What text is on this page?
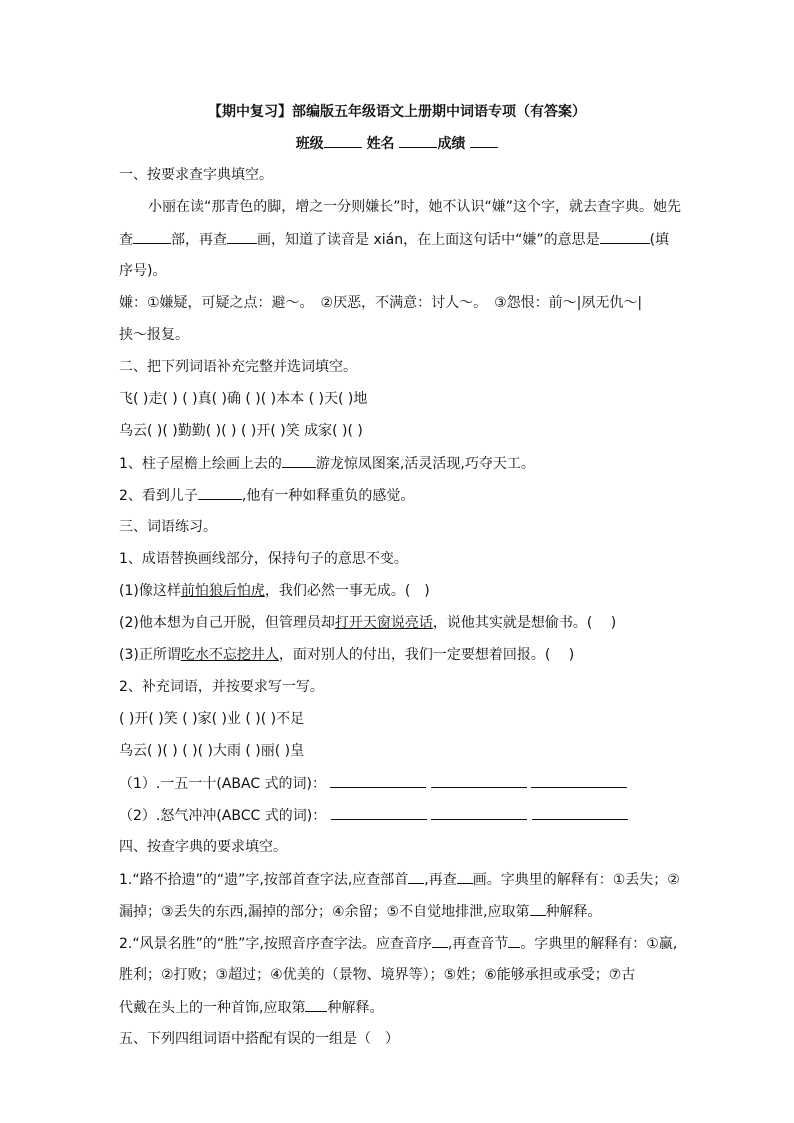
【期中复习】部编版五年级语文上册期中词语专项（有答案）
班级	姓名	成绩
一、按要求查字典填空。
小丽在读“那青色的脚，增之一分则嫌长”时，她不认识“嫌”这个字，就去查字典。她先
查	部，再查 画，知道了读音是 xián，在上面这句话中“嫌”的意思是	(填
序号)。
嫌：①嫌疑，可疑之点：避～。　②厌恶，不满意：讨人～。　③怨恨：前～|夙无仇～|
挟～报复。
二、把下列词语补充完整并选词填空。
飞( )走( ) ( )真( )确 ( )( )本本 ( )天( )地
乌云( )( )勤勤( )( ) ( )开( )笑 成家( )( )
1、柱子屋檐上绘画上去的 游龙惊凤图案,活灵活现,巧夺天工。
2、看到儿子	,他有一种如释重负的感觉。
三、词语练习。
1、成语替换画线部分，保持句子的意思不变。
(1)像这样前怕狼后怕虎，我们必然一事无成。(　)
(2)他本想为自己开脱，但管理员却打开天窗说亮话，说他其实就是想偷书。(　 )
(3)正所谓吃水不忘挖井人，面对别人的付出，我们一定要想着回报。(　 )
2、补充词语，并按要求写一写。
( )开( )笑 ( )家( )业 ( )( )不足
乌云( )( ) ( )( )大雨 ( )丽( )皇
（1）.一五一十(ABAC 式的词)：
（2）.怒气冲冲(ABCC 式的词)：
四、按查字典的要求填空。
1.“路不拾遗”的“遗”字,按部首查字法,应查部首 ,再查 画。字典里的解释有：①丢失；②
漏掉；③丢失的东西,漏掉的部分；④余留；⑤不自觉地排泄,应取第 种解释。
2.“风景名胜”的“胜”字,按照音序查字法。应查音序 ,再查音节 。字典里的解释有：①赢,
胜利；②打败；③超过；④优美的（景物、境界等）；⑤姓；⑥能够承担或承受；⑦古
代戴在头上的一种首饰,应取第 种解释。
五、下列四组词语中搭配有误的一组是（　）
